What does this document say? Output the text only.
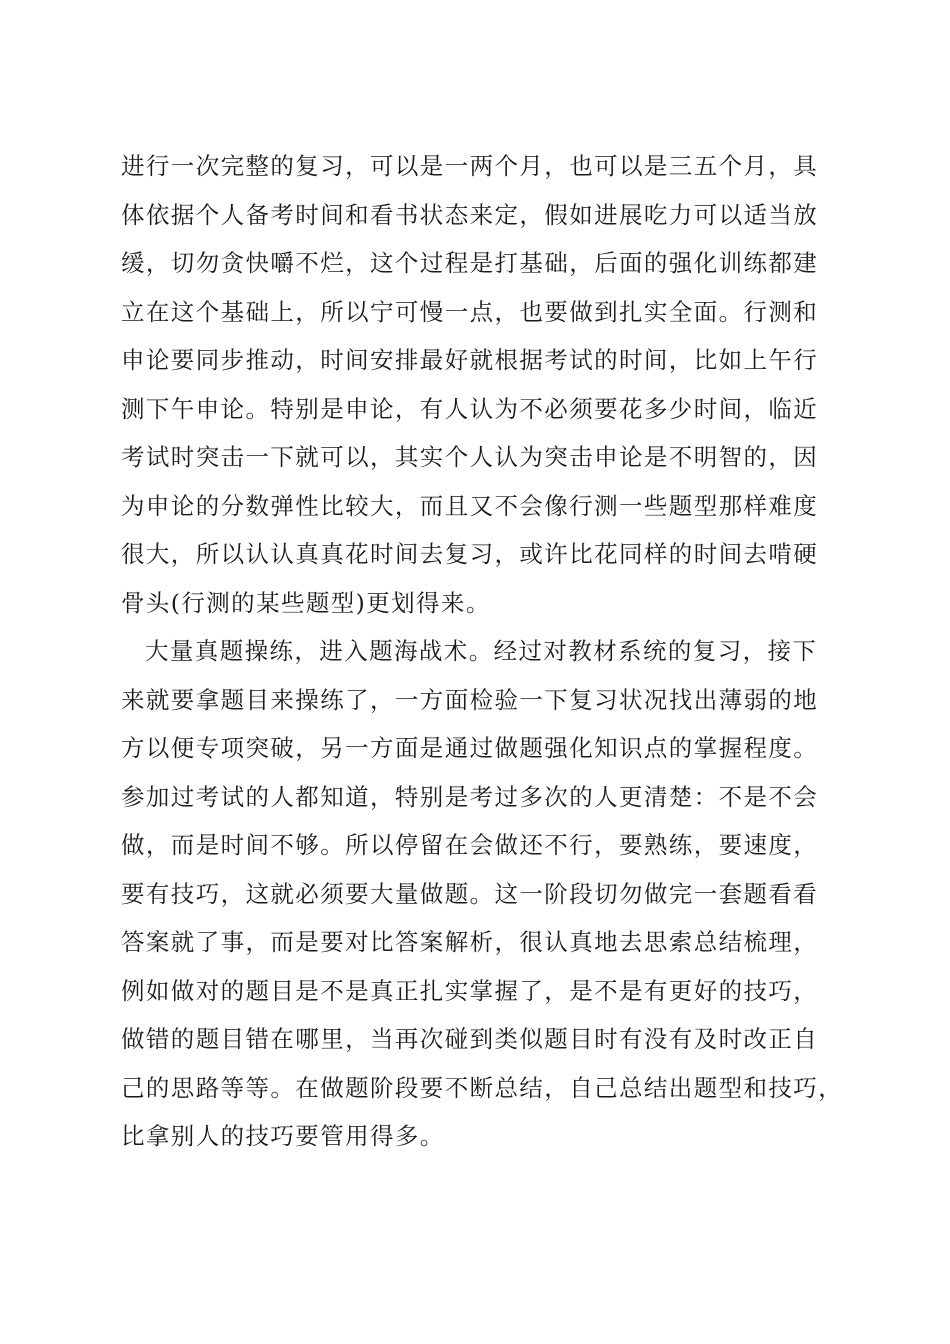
进行一次完整的复习，可以是一两个月，也可以是三五个月，具
体依据个人备考时间和看书状态来定，假如进展吃力可以适当放
缓，切勿贪快嚼不烂，这个过程是打基础，后面的强化训练都建
立在这个基础上，所以宁可慢一点，也要做到扎实全面。行测和
申论要同步推动，时间安排最好就根据考试的时间，比如上午行
测下午申论。特别是申论，有人认为不必须要花多少时间，临近
考试时突击一下就可以，其实个人认为突击申论是不明智的，因
为申论的分数弹性比较大，而且又不会像行测一些题型那样难度
很大，所以认认真真花时间去复习，或许比花同样的时间去啃硬
骨头(行测的某些题型)更划得来。
大量真题操练，进入题海战术。经过对教材系统的复习，接下
来就要拿题目来操练了，一方面检验一下复习状况找出薄弱的地
方以便专项突破，另一方面是通过做题强化知识点的掌握程度。
参加过考试的人都知道，特别是考过多次的人更清楚：不是不会
做，而是时间不够。所以停留在会做还不行，要熟练，要速度，
要有技巧，这就必须要大量做题。这一阶段切勿做完一套题看看
答案就了事，而是要对比答案解析，很认真地去思索总结梳理，
例如做对的题目是不是真正扎实掌握了，是不是有更好的技巧，
做错的题目错在哪里，当再次碰到类似题目时有没有及时改正自
己的思路等等。在做题阶段要不断总结，自己总结出题型和技巧，
比拿别人的技巧要管用得多。
